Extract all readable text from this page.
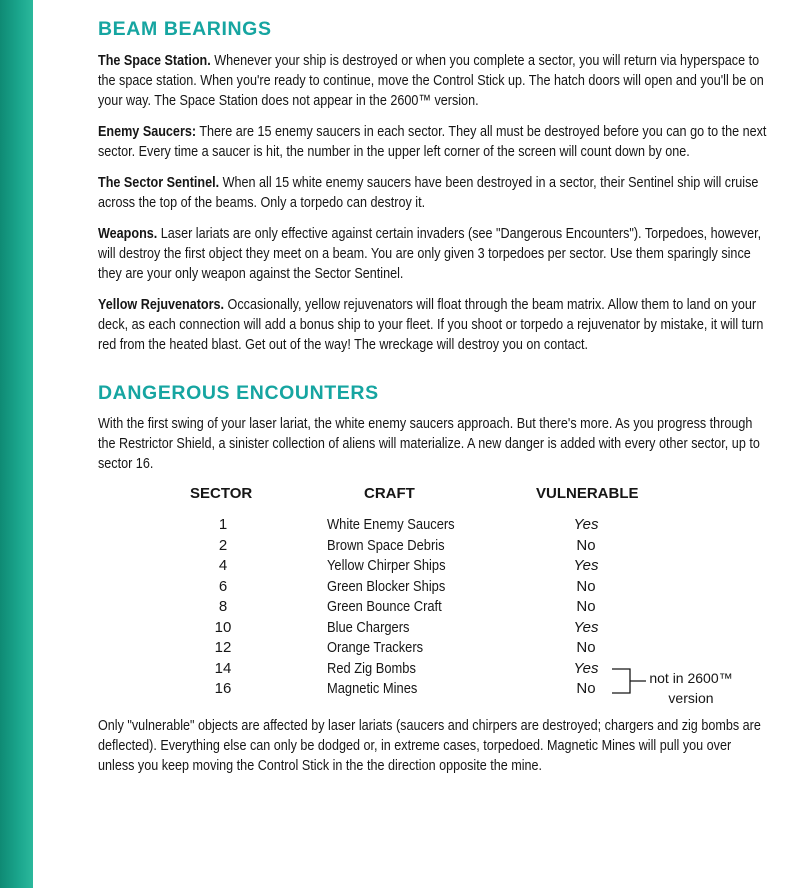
BEAM BEARINGS

The Space Station. Whenever your ship is destroyed or when you complete a sector, you will return via hyperspace to the space station. When you're ready to continue, move the Control Stick up. The hatch doors will open and you'll be on your way. The Space Station does not appear in the 2600™ version.

Enemy Saucers: There are 15 enemy saucers in each sector. They all must be destroyed before you can go to the next sector. Every time a saucer is hit, the number in the upper left corner of the screen will count down by one.

The Sector Sentinel. When all 15 white enemy saucers have been destroyed in a sector, their Sentinel ship will cruise across the top of the beams. Only a torpedo can destroy it.

Weapons. Laser lariats are only effective against certain invaders (see "Dangerous Encounters"). Torpedoes, however, will destroy the first object they meet on a beam. You are only given 3 torpedoes per sector. Use them sparingly since they are your only weapon against the Sector Sentinel.

Yellow Rejuvenators. Occasionally, yellow rejuvenators will float through the beam matrix. Allow them to land on your deck, as each connection will add a bonus ship to your fleet. If you shoot or torpedo a rejuvenator by mistake, it will turn red from the heated blast. Get out of the way! The wreckage will destroy you on contact.

DANGEROUS ENCOUNTERS

With the first swing of your laser lariat, the white enemy saucers approach. But there's more. As you progress through the Restrictor Shield, a sinister collection of aliens will materialize. A new danger is added with every other sector, up to sector 16.

SECTOR	CRAFT	VULNERABLE
1	White Enemy Saucers	Yes
2	Brown Space Debris	No
4	Yellow Chirper Ships	Yes
6	Green Blocker Ships	No
8	Green Bounce Craft	No
10	Blue Chargers	Yes
12	Orange Trackers	No
14	Red Zig Bombs	Yes
16	Magnetic Mines	No
not in 2600™
version

Only "vulnerable" objects are affected by laser lariats (saucers and chirpers are destroyed; chargers and zig bombs are deflected). Everything else can only be dodged or, in extreme cases, torpedoed. Magnetic Mines will pull you over unless you keep moving the Control Stick in the the direction opposite the mine.
